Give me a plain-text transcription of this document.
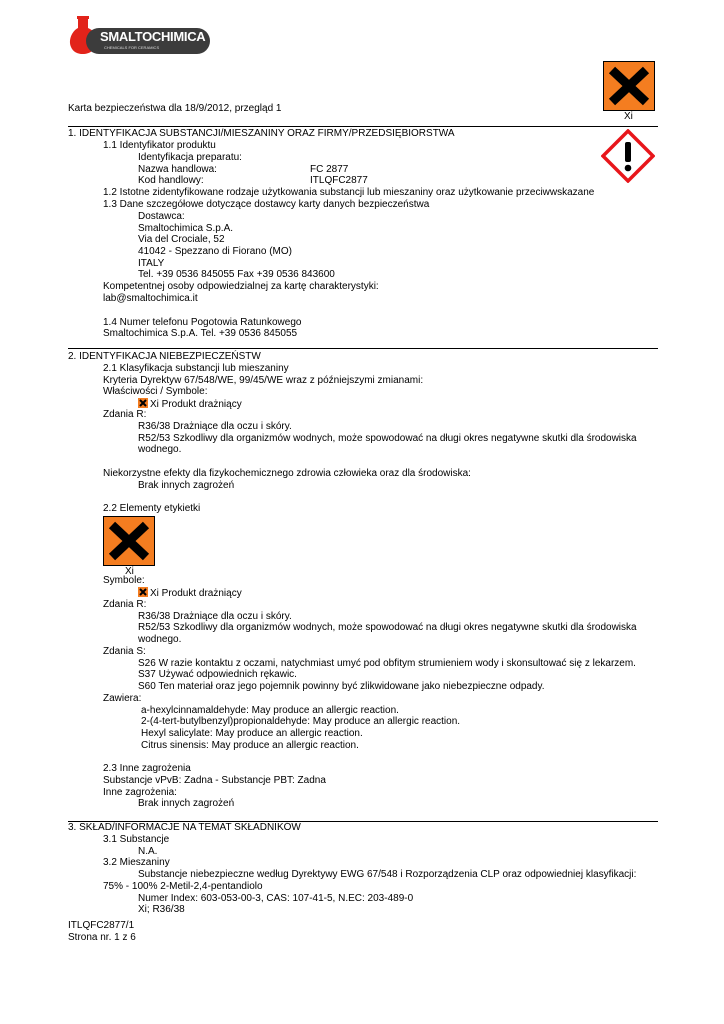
SMALTOCHIMICA
CHEMICALS FOR CERAMICS
Karta bezpieczeństwa dla 18/9/2012, przegląd 1
Xi
1. IDENTYFIKACJA SUBSTANCJI/MIESZANINY ORAZ FIRMY/PRZEDSIĘBIORSTWA
1.1 Identyfikator produktu
Identyfikacja preparatu:
Nazwa handlowa:	FC 2877
Kod handlowy:	ITLQFC2877
1.2 Istotne zidentyfikowane rodzaje użytkowania substancji lub mieszaniny oraz użytkowanie przeciwwskazane
1.3 Dane szczegółowe dotyczące dostawcy karty danych bezpieczeństwa
Dostawca:
Smaltochimica S.p.A.
Via del Crociale, 52
41042 - Spezzano di Fiorano (MO)
ITALY
Tel. +39 0536 845055 Fax +39 0536 843600
Kompetentnej osoby odpowiedzialnej za kartę charakterystyki:
lab@smaltochimica.it
1.4 Numer telefonu Pogotowia Ratunkowego
Smaltochimica S.p.A. Tel. +39 0536 845055
2. IDENTYFIKACJA NIEBEZPIECZEŃSTW
2.1 Klasyfikacja substancji lub mieszaniny
Kryteria Dyrektyw 67/548/WE, 99/45/WE wraz z późniejszymi zmianami:
Właściwości / Symbole:
Xi Produkt drażniący
Zdania R:
R36/38 Drażniące dla oczu i skóry.
R52/53 Szkodliwy dla organizmów wodnych, może spowodować na długi okres negatywne skutki dla środowiska
wodnego.
Niekorzystne efekty dla fizykochemicznego zdrowia człowieka oraz dla środowiska:
Brak innych zagrożeń
2.2 Elementy etykietki
Xi
Symbole:
Xi Produkt drażniący
Zdania R:
R36/38 Drażniące dla oczu i skóry.
R52/53 Szkodliwy dla organizmów wodnych, może spowodować na długi okres negatywne skutki dla środowiska
wodnego.
Zdania S:
S26 W razie kontaktu z oczami, natychmiast umyć pod obfitym strumieniem wody i skonsultować się z lekarzem.
S37 Używać odpowiednich rękawic.
S60 Ten materiał oraz jego pojemnik powinny być zlikwidowane jako niebezpieczne odpady.
Zawiera:
a-hexylcinnamaldehyde: May produce an allergic reaction.
2-(4-tert-butylbenzyl)propionaldehyde: May produce an allergic reaction.
Hexyl salicylate: May produce an allergic reaction.
Citrus sinensis: May produce an allergic reaction.
2.3 Inne zagrożenia
Substancje vPvB: Zadna - Substancje PBT: Zadna
Inne zagrożenia:
Brak innych zagrożeń
3. SKŁAD/INFORMACJE NA TEMAT SKŁADNIKÓW
3.1 Substancje
N.A.
3.2 Mieszaniny
Substancje niebezpieczne według Dyrektywy EWG 67/548 i Rozporządzenia CLP oraz odpowiedniej klasyfikacji:
75% - 100% 2-Metil-2,4-pentandiolo
Numer Index: 603-053-00-3, CAS: 107-41-5, N.EC: 203-489-0
Xi; R36/38
ITLQFC2877/1
Strona nr. 1 z 6
